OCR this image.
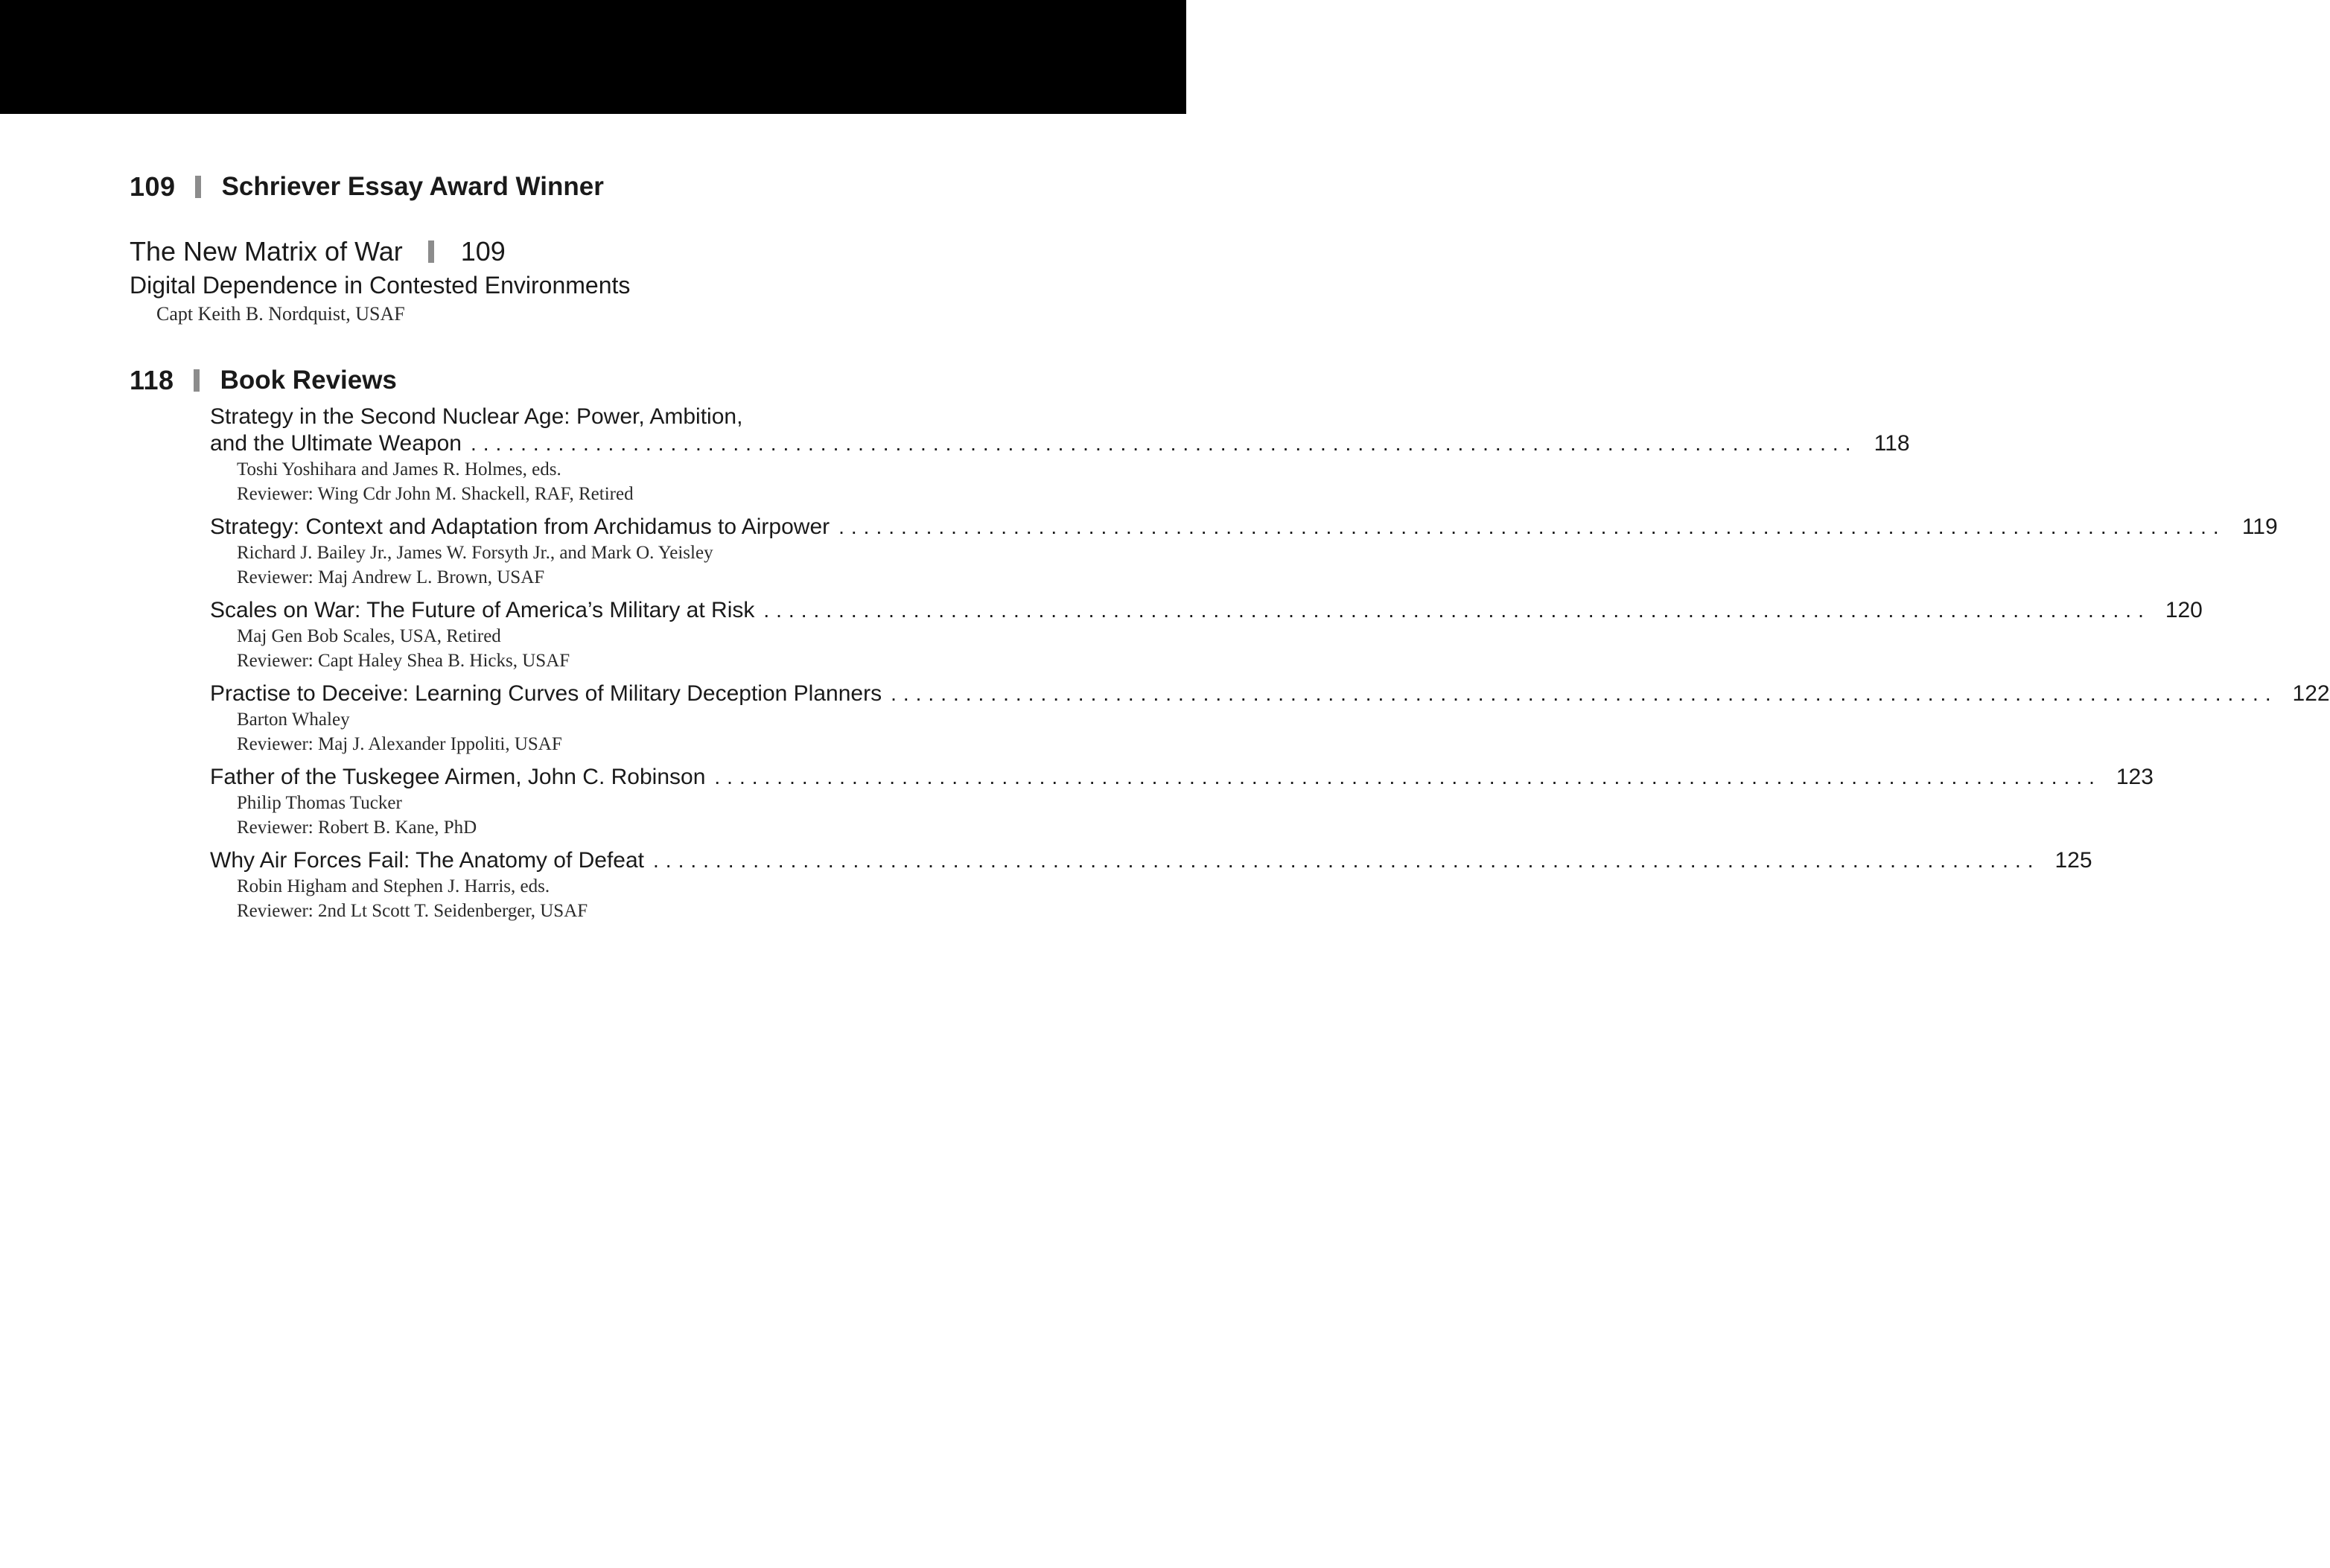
109 Schriever Essay Award Winner
The New Matrix of War 109
Digital Dependence in Contested Environments
Capt Keith B. Nordquist, USAF
118 Book Reviews
Strategy in the Second Nuclear Age: Power, Ambition,
and the Ultimate Weapon ............................................................................................................... 118
Toshi Yoshihara and James R. Holmes, eds.
Reviewer: Wing Cdr John M. Shackell, RAF, Retired
Strategy: Context and Adaptation from Archidamus to Airpower ............................................................................................................... 119
Richard J. Bailey Jr., James W. Forsyth Jr., and Mark O. Yeisley
Reviewer: Maj Andrew L. Brown, USAF
Scales on War: The Future of America’s Military at Risk ............................................................................................................... 120
Maj Gen Bob Scales, USA, Retired
Reviewer: Capt Haley Shea B. Hicks, USAF
Practise to Deceive: Learning Curves of Military Deception Planners ............................................................................................................... 122
Barton Whaley
Reviewer: Maj J. Alexander Ippoliti, USAF
Father of the Tuskegee Airmen, John C. Robinson ............................................................................................................... 123
Philip Thomas Tucker
Reviewer: Robert B. Kane, PhD
Why Air Forces Fail: The Anatomy of Defeat ............................................................................................................... 125
Robin Higham and Stephen J. Harris, eds.
Reviewer: 2nd Lt Scott T. Seidenberger, USAF
